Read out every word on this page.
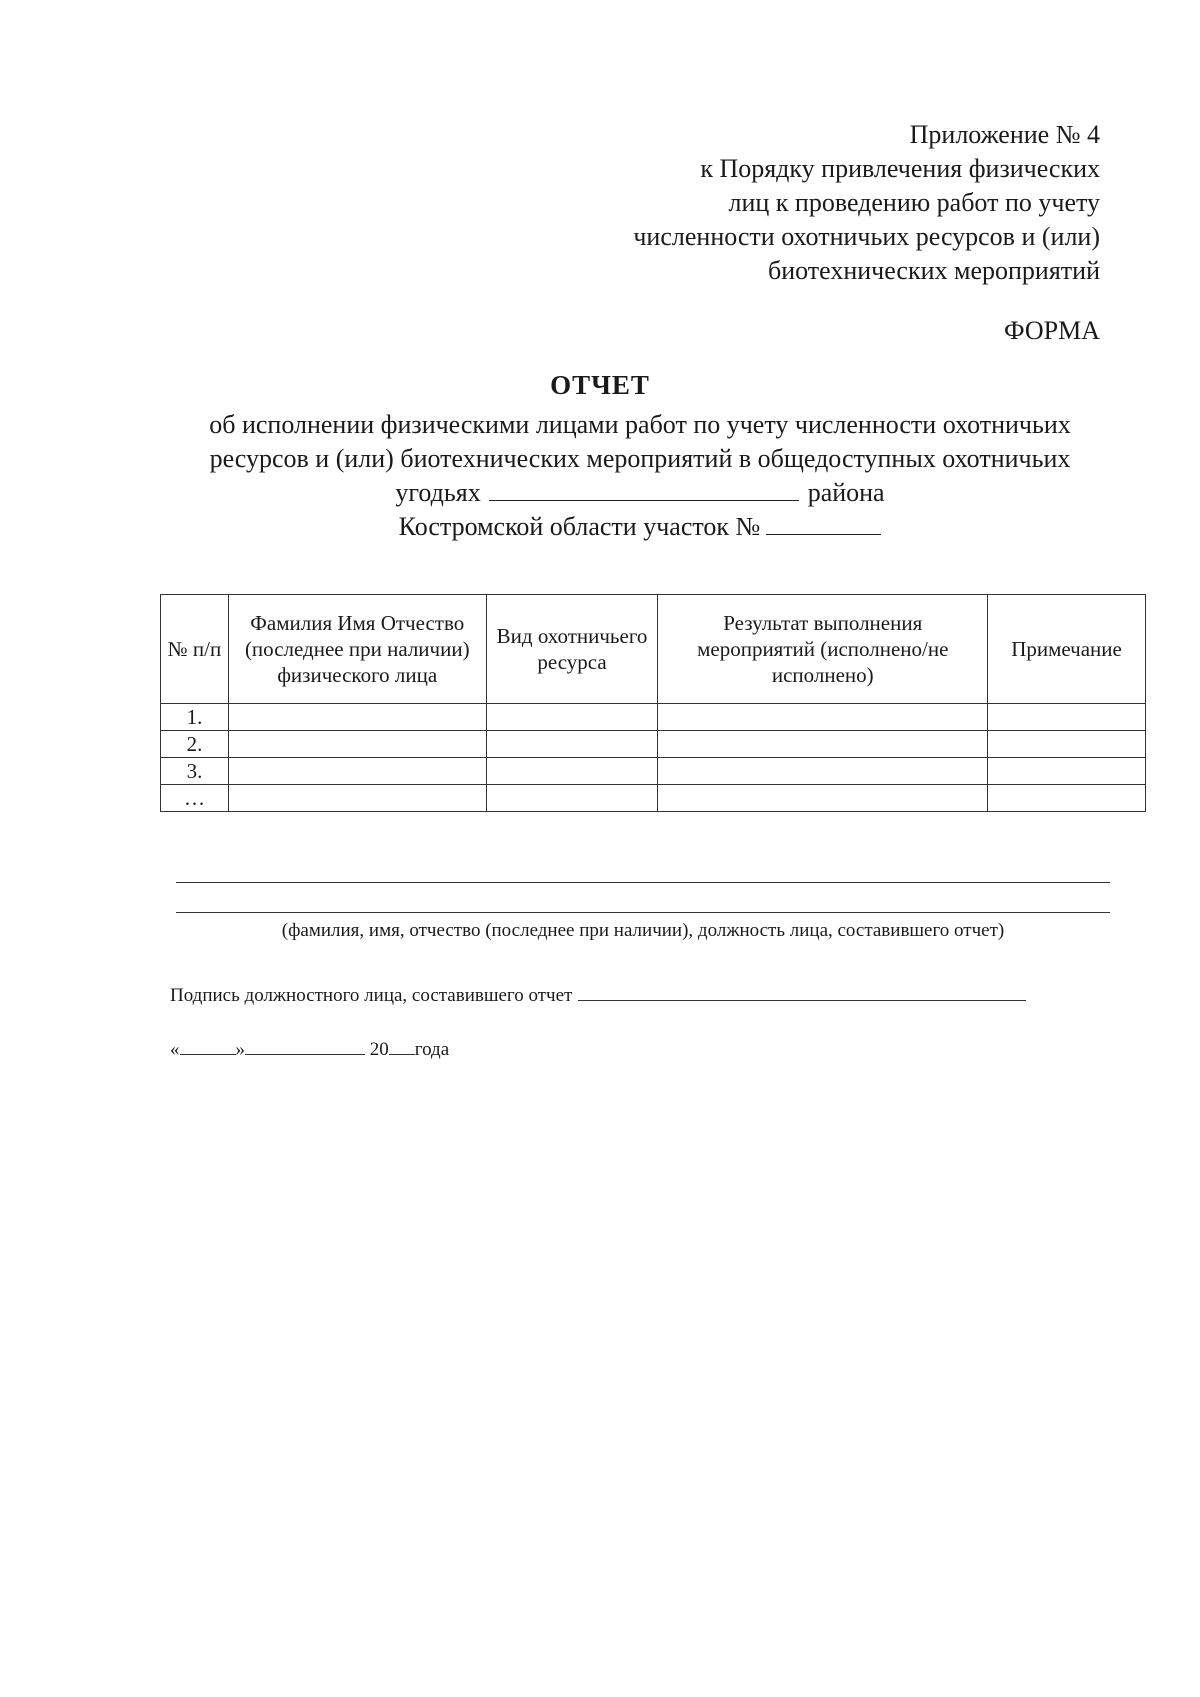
Приложение № 4
к Порядку привлечения физических
лиц к проведению работ по учету
численности охотничьих ресурсов и (или)
биотехнических мероприятий
ФОРМА
ОТЧЕТ
об исполнении физическими лицами работ по учету численности охотничьих
ресурсов и (или) биотехнических мероприятий в общедоступных охотничьих
угодьях	района
Костромской области участок №
№ п/п	Фамилия Имя Отчество (последнее при наличии) физического лица	Вид охотничьего ресурса	Результат выполнения мероприятий (исполнено/не исполнено)	Примечание
1.				
2.				
3.				
…				
(фамилия, имя, отчество (последнее при наличии), должность лица, составившего отчет)
Подпись должностного лица, составившего отчет
«	»	20 года
